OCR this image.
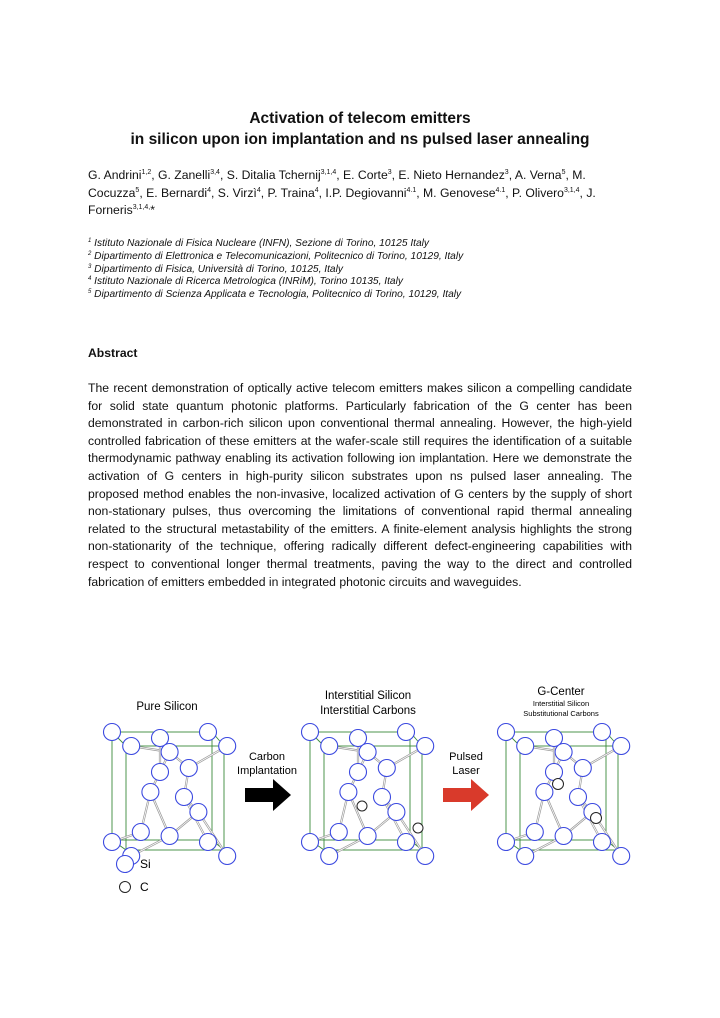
Activation of telecom emitters
in silicon upon ion implantation and ns pulsed laser annealing
G. Andrini$^{1,2}$, G. Zanelli$^{3,4}$, S. Ditalia Tchernij$^{3,1,4}$, E. Corte$^3$, E. Nieto Hernandez$^3$, A. Verna$^5$, M. Cocuzza$^5$, E. Bernardi$^4$, S. Virzì$^4$, P. Traina$^4$, I.P. Degiovanni$^{4.1}$, M. Genovese$^{4.1}$, P. Olivero$^{3,1,4}$, J. Forneris$^{3,1,4,}$*
$^1$ Istituto Nazionale di Fisica Nucleare (INFN), Sezione di Torino, 10125 Italy
$^2$ Dipartimento di Elettronica e Telecomunicazioni, Politecnico di Torino, 10129, Italy
$^3$ Dipartimento di Fisica, Università di Torino, 10125, Italy
$^4$ Istituto Nazionale di Ricerca Metrologica (INRiM), Torino 10135, Italy
$^5$ Dipartimento di Scienza Applicata e Tecnologia, Politecnico di Torino, 10129, Italy
Abstract
The recent demonstration of optically active telecom emitters makes silicon a compelling candidate for solid state quantum photonic platforms. Particularly fabrication of the G center has been demonstrated in carbon-rich silicon upon conventional thermal annealing. However, the high-yield controlled fabrication of these emitters at the wafer-scale still requires the identification of a suitable thermodynamic pathway enabling its activation following ion implantation. Here we demonstrate the activation of G centers in high-purity silicon substrates upon ns pulsed laser annealing. The proposed method enables the non-invasive, localized activation of G centers by the supply of short non-stationary pulses, thus overcoming the limitations of conventional rapid thermal annealing related to the structural metastability of the emitters. A finite-element analysis highlights the strong non-stationarity of the technique, offering radically different defect-engineering capabilities with respect to conventional longer thermal treatments, paving the way to the direct and controlled fabrication of emitters embedded in integrated photonic circuits and waveguides.
Pure Silicon
Interstitial Silicon
Interstitial Carbons
G-Center
Interstitial Silicon
Substitutional Carbons
Carbon
Implantation
Pulsed
Laser
Si
C
